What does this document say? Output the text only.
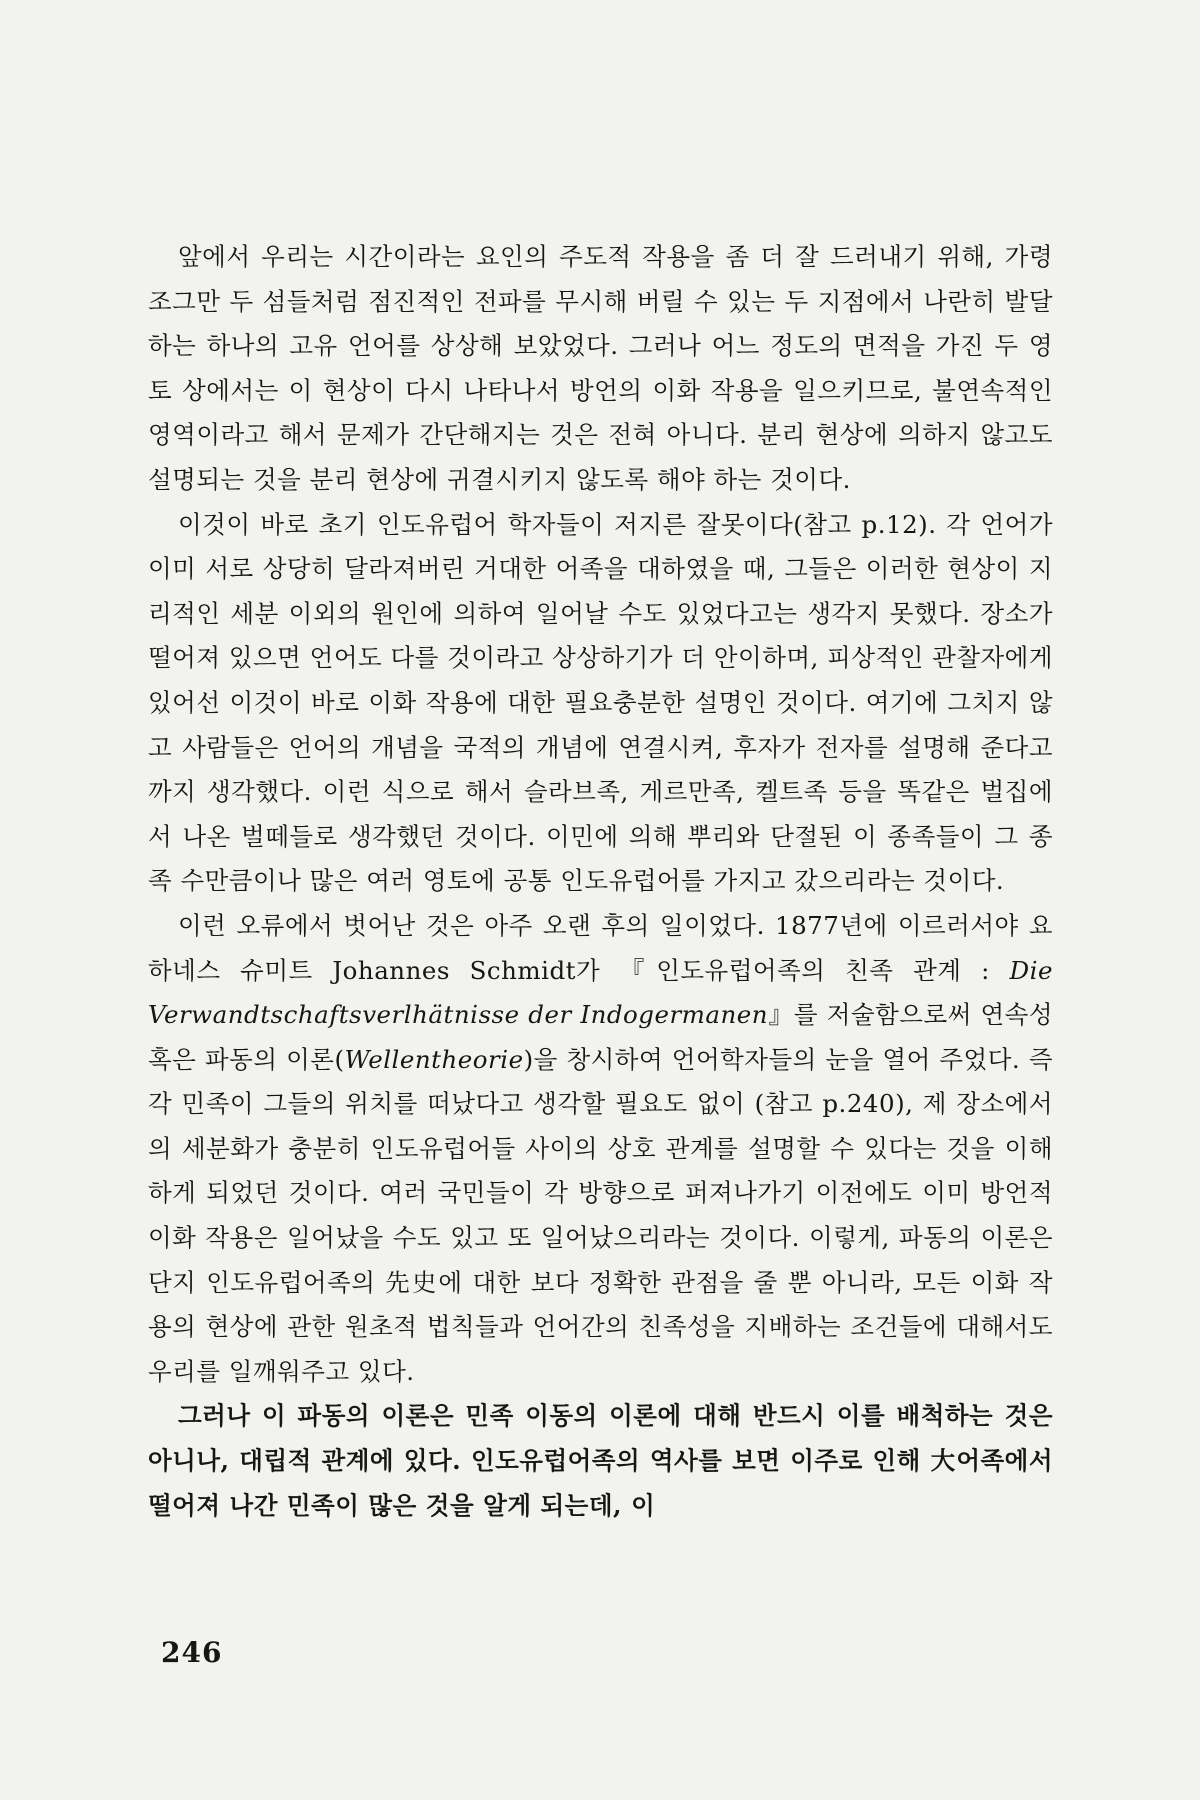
앞에서 우리는 시간이라는 요인의 주도적 작용을 좀 더 잘 드러내기 위해, 가령 조그만 두 섬들처럼 점진적인 전파를 무시해 버릴 수 있는 두 지점에서 나란히 발달하는 하나의 고유 언어를 상상해 보았었다. 그러나 어느 정도의 면적을 가진 두 영토 상에서는 이 현상이 다시 나타나서 방언의 이화 작용을 일으키므로, 불연속적인 영역이라고 해서 문제가 간단해지는 것은 전혀 아니다. 분리 현상에 의하지 않고도 설명되는 것을 분리 현상에 귀결시키지 않도록 해야 하는 것이다.

이것이 바로 초기 인도유럽어 학자들이 저지른 잘못이다(참고 p.12). 각 언어가 이미 서로 상당히 달라져버린 거대한 어족을 대하였을 때, 그들은 이러한 현상이 지리적인 세분 이외의 원인에 의하여 일어날 수도 있었다고는 생각지 못했다. 장소가 떨어져 있으면 언어도 다를 것이라고 상상하기가 더 안이하며, 피상적인 관찰자에게 있어선 이것이 바로 이화 작용에 대한 필요충분한 설명인 것이다. 여기에 그치지 않고 사람들은 언어의 개념을 국적의 개념에 연결시켜, 후자가 전자를 설명해 준다고까지 생각했다. 이런 식으로 해서 슬라브족, 게르만족, 켈트족 등을 똑같은 벌집에서 나온 벌떼들로 생각했던 것이다. 이민에 의해 뿌리와 단절된 이 종족들이 그 종족 수만큼이나 많은 여러 영토에 공통 인도유럽어를 가지고 갔으리라는 것이다.

이런 오류에서 벗어난 것은 아주 오랜 후의 일이었다. 1877년에 이르러서야 요하네스 슈미트 Johannes Schmidt가 『인도유럽어족의 친족 관계 : Die Verwandtschaftsverlhätnisse der Indogermanen』를 저술함으로써 연속성 혹은 파동의 이론(Wellentheorie)을 창시하여 언어학자들의 눈을 열어 주었다. 즉 각 민족이 그들의 위치를 떠났다고 생각할 필요도 없이 (참고 p.240), 제 장소에서의 세분화가 충분히 인도유럽어들 사이의 상호 관계를 설명할 수 있다는 것을 이해하게 되었던 것이다. 여러 국민들이 각 방향으로 퍼져나가기 이전에도 이미 방언적 이화 작용은 일어났을 수도 있고 또 일어났으리라는 것이다. 이렇게, 파동의 이론은 단지 인도유럽어족의 先史에 대한 보다 정확한 관점을 줄 뿐 아니라, 모든 이화 작용의 현상에 관한 원초적 법칙들과 언어간의 친족성을 지배하는 조건들에 대해서도 우리를 일깨워주고 있다.

그러나 이 파동의 이론은 민족 이동의 이론에 대해 반드시 이를 배척하는 것은 아니나, 대립적 관계에 있다. 인도유럽어족의 역사를 보면 이주로 인해 大어족에서 떨어져 나간 민족이 많은 것을 알게 되는데, 이

246
